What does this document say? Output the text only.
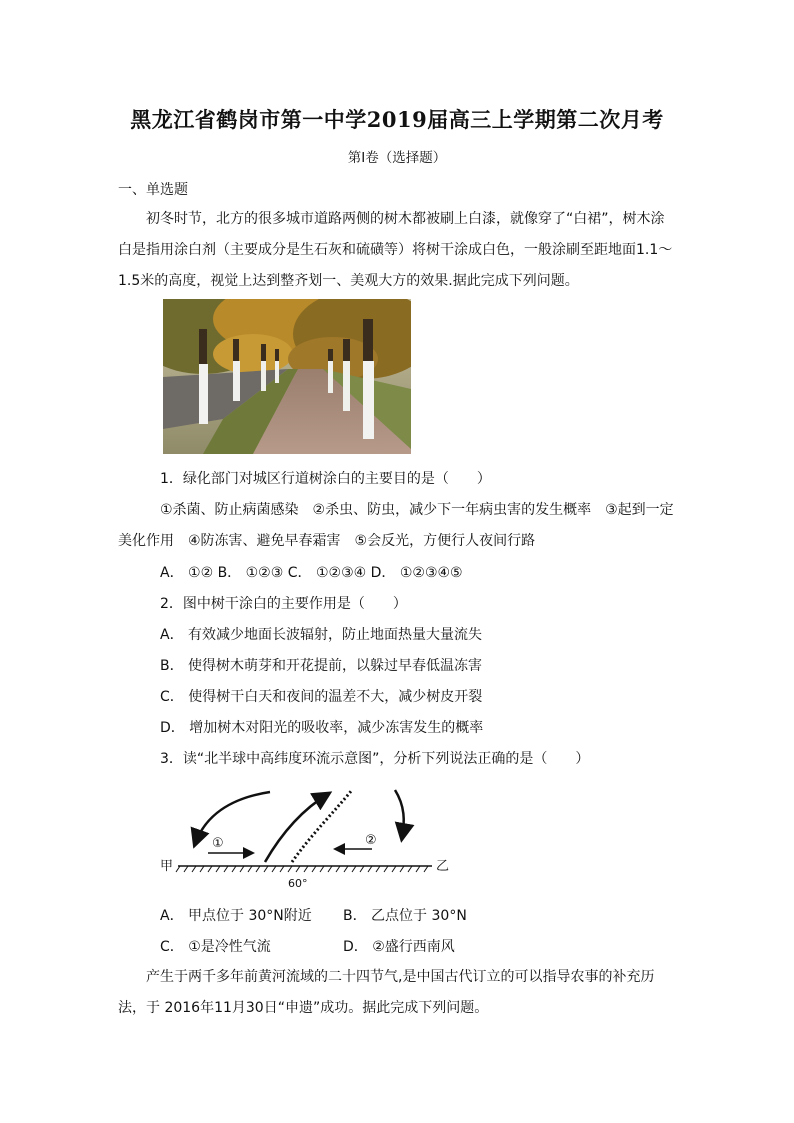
黑龙江省鹤岗市第一中学2019届高三上学期第二次月考
第I卷（选择题）
一、单选题
初冬时节，北方的很多城市道路两侧的树木都被刷上白漆，就像穿了“白裙”，树木涂白是指用涂白剂（主要成分是生石灰和硫磺等）将树干涂成白色，一般涂刷至距地面1.1～1.5米的高度，视觉上达到整齐划一、美观大方的效果.据此完成下列问题。
1．绿化部门对城区行道树涂白的主要目的是（　　）
①杀菌、防止病菌感染　②杀虫、防虫，减少下一年病虫害的发生概率　③起到一定
美化作用　④防冻害、避免早春霜害　⑤会反光，方便行人夜间行路
A． ①② B． ①②③ C． ①②③④ D． ①②③④⑤
2．图中树干涂白的主要作用是（　　）
A． 有效减少地面长波辐射，防止地面热量大量流失
B． 使得树木萌芽和开花提前，以躲过早春低温冻害
C． 使得树干白天和夜间的温差不大，减少树皮开裂
D． 增加树木对阳光的吸收率，减少冻害发生的概率
3．读“北半球中高纬度环流示意图”，分析下列说法正确的是（　　）
①	②
甲	乙
60°
A． 甲点位于 30°N附近 B． 乙点位于 30°N
C． ①是冷性气流	D． ②盛行西南风
产生于两千多年前黄河流域的二十四节气,是中国古代订立的可以指导农事的补充历法，于 2016年11月30日“申遗”成功。据此完成下列问题。
